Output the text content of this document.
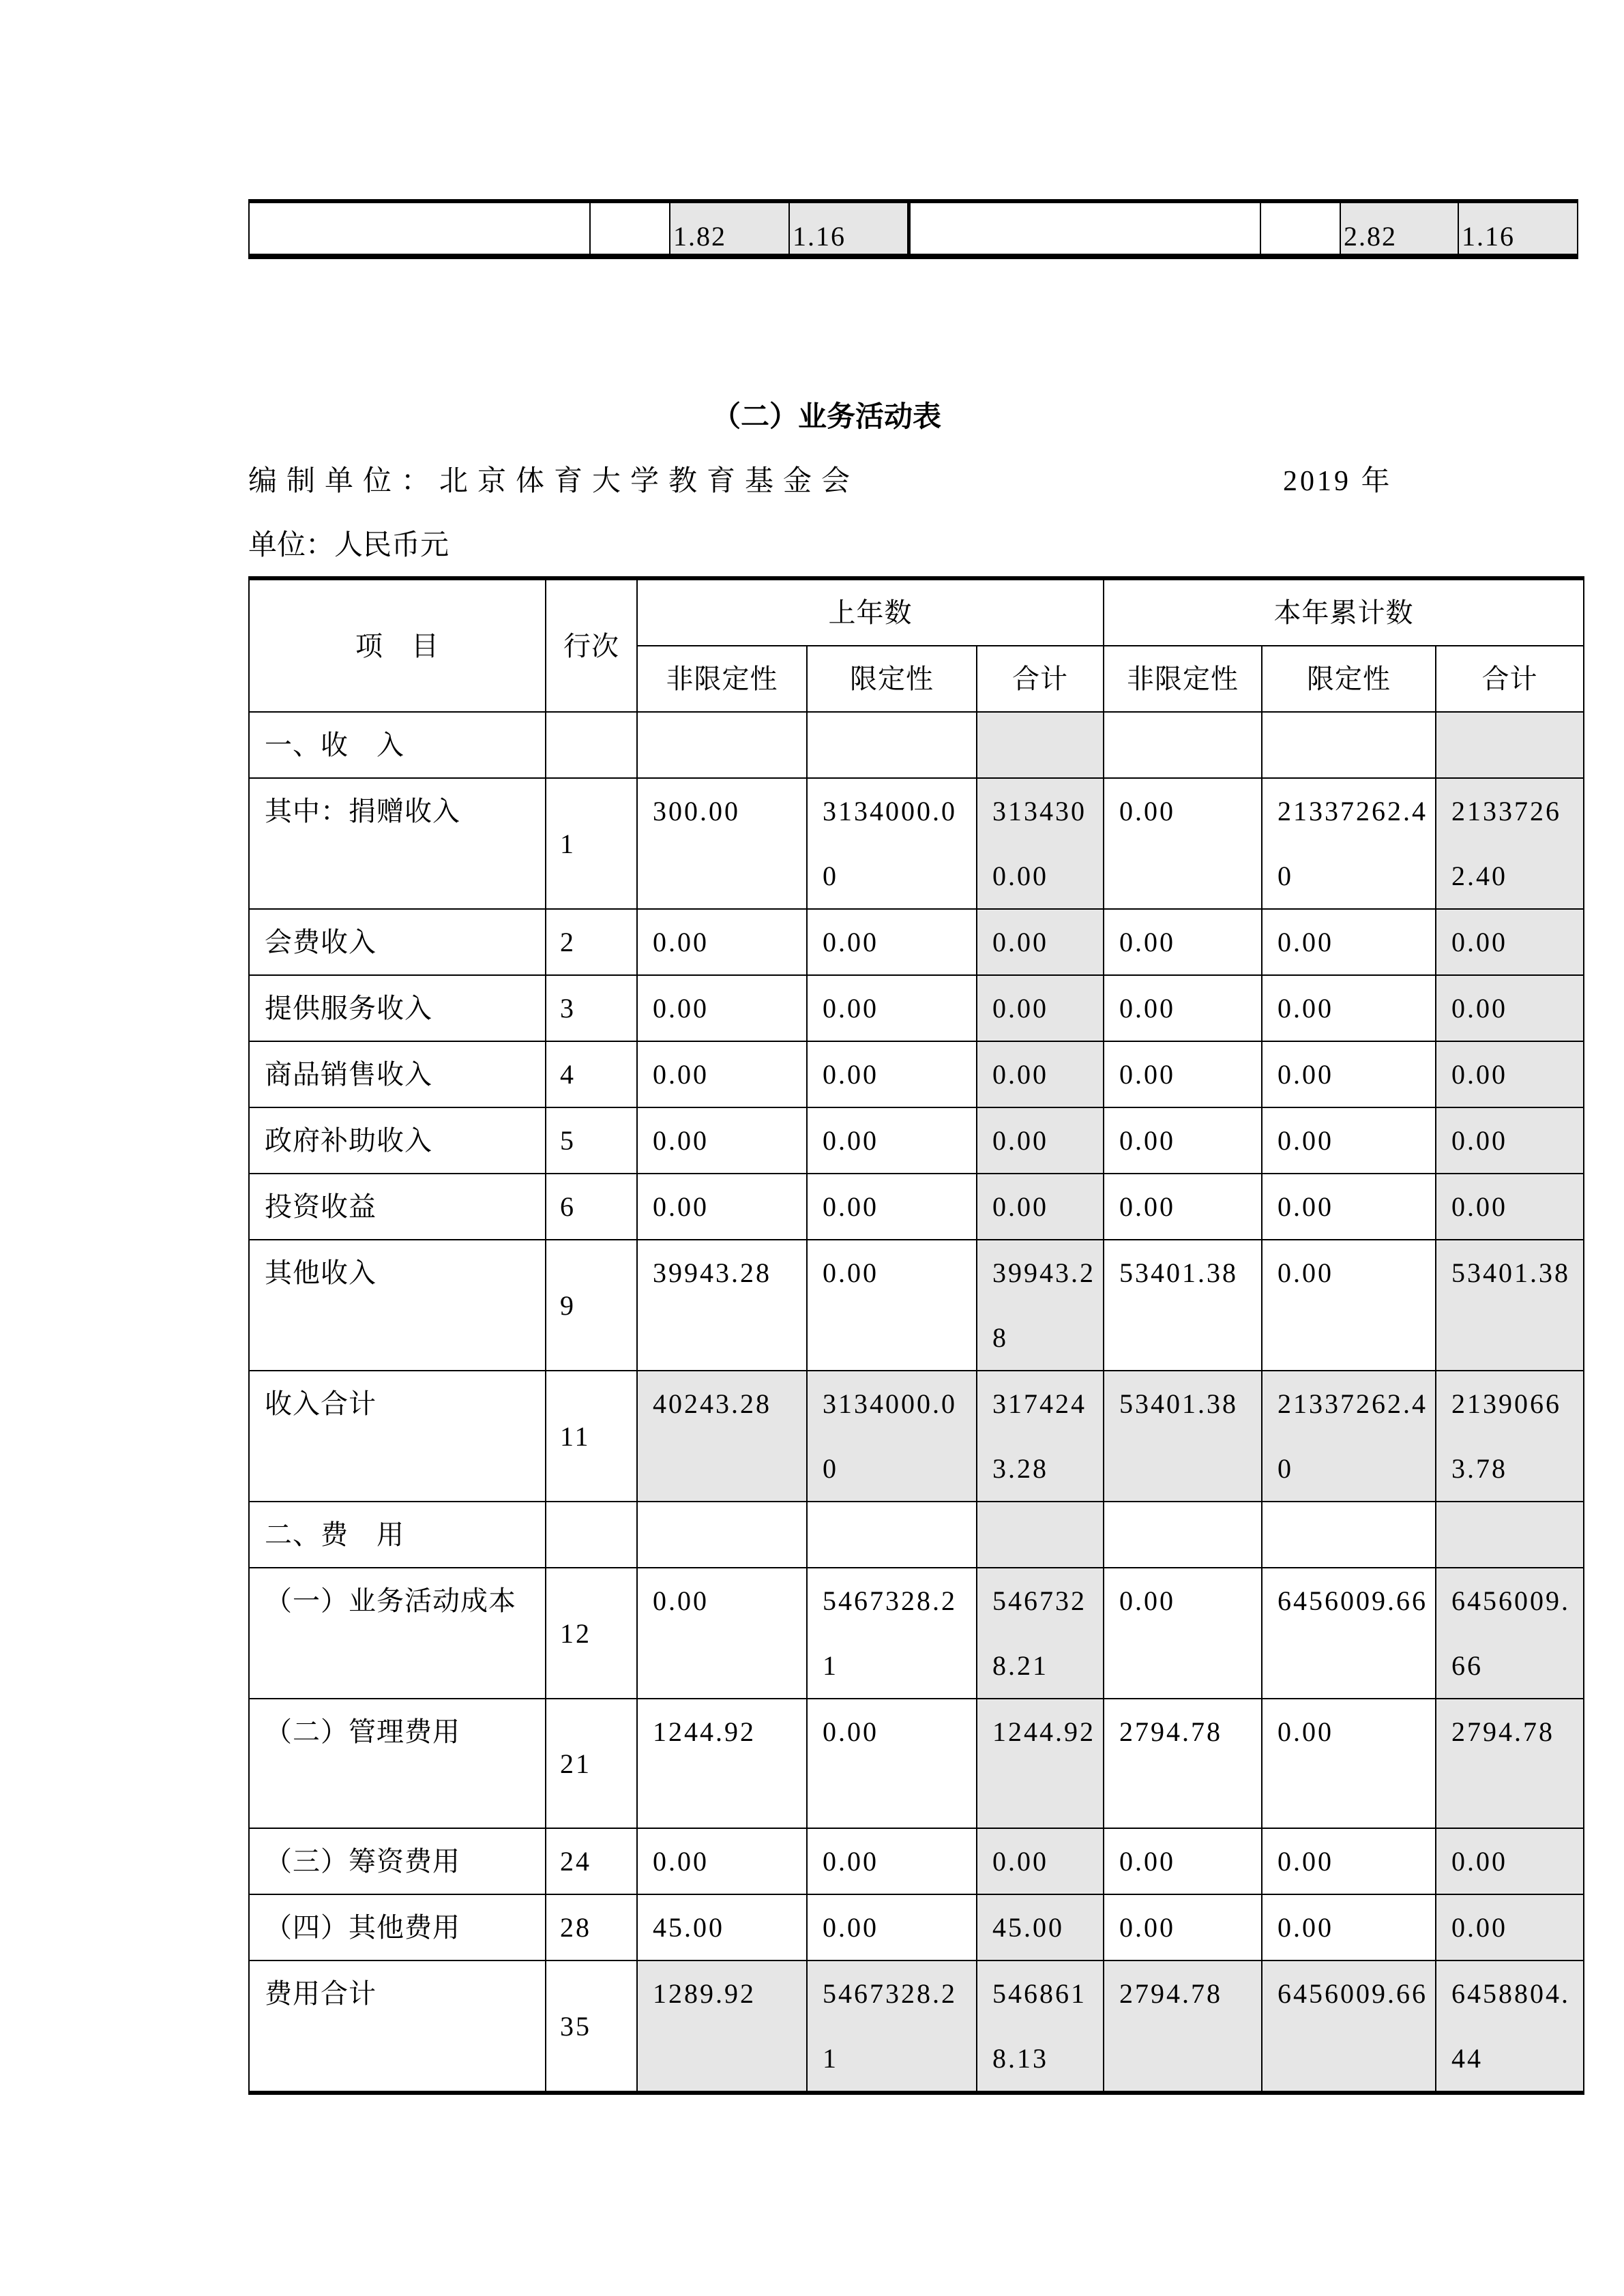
		1.82	1.16			2.82	1.16
（二）业务活动表
编制单位：北京体育大学教育基金会	2019 年
单位：人民币元
项　目	行次	上年数			本年累计数		
		非限定性	限定性	合计	非限定性	限定性	合计
一、收　入							
其中：捐赠收入	1	300.00	3134000.00	3134300.00	0.00	21337262.40	21337262.40
会费收入	2	0.00	0.00	0.00	0.00	0.00	0.00
提供服务收入	3	0.00	0.00	0.00	0.00	0.00	0.00
商品销售收入	4	0.00	0.00	0.00	0.00	0.00	0.00
政府补助收入	5	0.00	0.00	0.00	0.00	0.00	0.00
投资收益	6	0.00	0.00	0.00	0.00	0.00	0.00
其他收入	9	39943.28	0.00	39943.28	53401.38	0.00	53401.38
收入合计	11	40243.28	3134000.00	3174243.28	53401.38	21337262.40	21390663.78
二、费　用							
（一）业务活动成本	12	0.00	5467328.21	5467328.21	0.00	6456009.66	6456009.66
（二）管理费用	21	1244.92	0.00	1244.92	2794.78	0.00	2794.78
（三）筹资费用	24	0.00	0.00	0.00	0.00	0.00	0.00
（四）其他费用	28	45.00	0.00	45.00	0.00	0.00	0.00
费用合计	35	1289.92	5467328.21	5468618.13	2794.78	6456009.66	6458804.44
